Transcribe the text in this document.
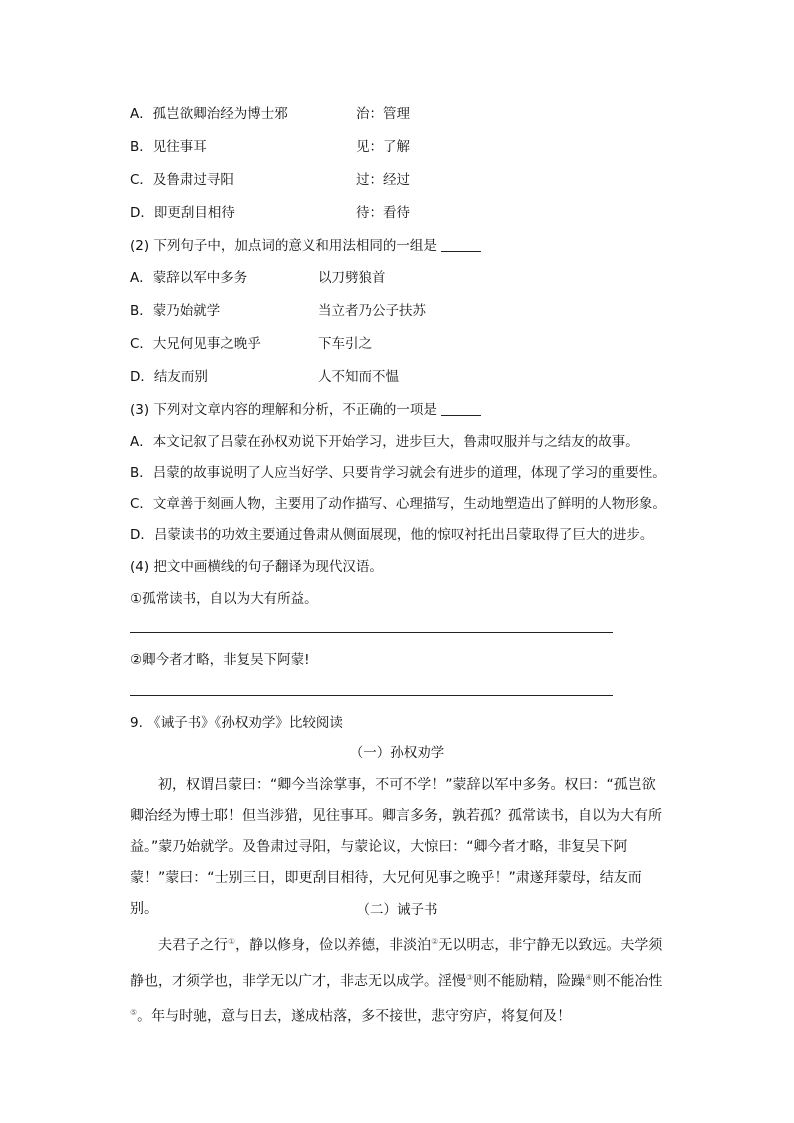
A．孤岂欲卿治经为博士邪	治：管理
B．见往事耳	见：了解
C．及鲁肃过寻阳	过：经过
D．即更刮目相待	待：看待
(2) 下列句子中，加点词的意义和用法相同的一组是
A．蒙辞以军中多务	以刀劈狼首
B．蒙乃始就学	当立者乃公子扶苏
C．大兄何见事之晚乎	下车引之
D．结友而别	人不知而不愠
(3) 下列对文章内容的理解和分析，不正确的一项是
A．本文记叙了吕蒙在孙权劝说下开始学习，进步巨大，鲁肃叹服并与之结友的故事。
B．吕蒙的故事说明了人应当好学、只要肯学习就会有进步的道理，体现了学习的重要性。
C．文章善于刻画人物，主要用了动作描写、心理描写，生动地塑造出了鲜明的人物形象。
D．吕蒙读书的功效主要通过鲁肃从侧面展现，他的惊叹衬托出吕蒙取得了巨大的进步。
(4) 把文中画横线的句子翻译为现代汉语。
①孤常读书，自以为大有所益。
②卿今者才略，非复吴下阿蒙!
9. 《诫子书》《孙权劝学》比较阅读
（一）孙权劝学
初，权谓吕蒙曰：“卿今当涂掌事，不可不学！”蒙辞以军中多务。权曰：“孤岂欲卿治经为博士耶！但当涉猎，见往事耳。卿言多务，孰若孤？孤常读书，自以为大有所益。”蒙乃始就学。及鲁肃过寻阳，与蒙论议，大惊曰：“卿今者才略，非复吴下阿蒙！”蒙曰：“士别三日，即更刮目相待，大兄何见事之晚乎！”肃遂拜蒙母，结友而别。	（二）诫子书
夫君子之行①，静以修身，俭以养德，非淡泊②无以明志，非宁静无以致远。夫学须静也，才须学也，非学无以广才，非志无以成学。淫慢③则不能励精，险躁④则不能冶性⑤。年与时驰，意与日去，遂成枯落，多不接世，悲守穷庐，将复何及！
